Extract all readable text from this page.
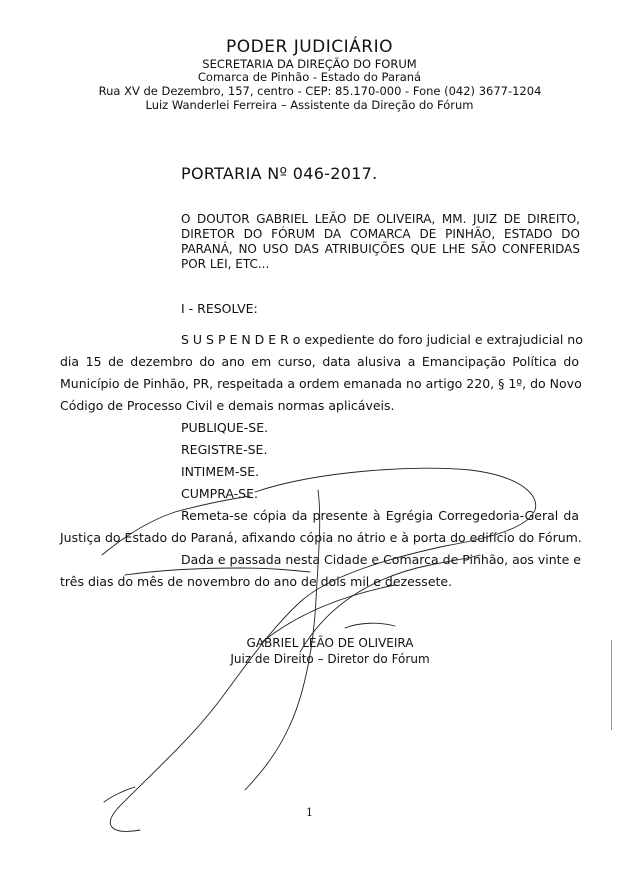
PODER JUDICIÁRIO
SECRETARIA DA DIREÇÃO DO FORUM
Comarca de Pinhão - Estado do Paraná
Rua XV de Dezembro, 157, centro - CEP: 85.170-000 - Fone (042) 3677-1204
Luiz Wanderlei Ferreira – Assistente da Direção do Fórum
PORTARIA Nº 046-2017.
O DOUTOR GABRIEL LEÃO DE OLIVEIRA, MM. JUIZ DE DIREITO,
DIRETOR DO FÓRUM DA COMARCA DE PINHÃO, ESTADO DO
PARANÁ, NO USO DAS ATRIBUIÇÕES QUE LHE SÃO CONFERIDAS
POR LEI, ETC...
I - RESOLVE:
S U S P E N D E R o expediente do foro judicial e extrajudicial no
dia 15 de dezembro do ano em curso, data alusiva a Emancipação Política do
Município de Pinhão, PR, respeitada a ordem emanada no artigo 220, § 1º, do Novo
Código de Processo Civil e demais normas aplicáveis.
PUBLIQUE-SE.
REGISTRE-SE.
INTIMEM-SE.
CUMPRA-SE.
Remeta-se cópia da presente à Egrégia Corregedoria-Geral da
Justiça do Estado do Paraná, afixando cópia no átrio e à porta do edifício do Fórum.
Dada e passada nesta Cidade e Comarca de Pinhão, aos vinte e
três dias do mês de novembro do ano de dois mil e dezessete.
GABRIEL LEÃO DE OLIVEIRA
Juiz de Direito – Diretor do Fórum
1
